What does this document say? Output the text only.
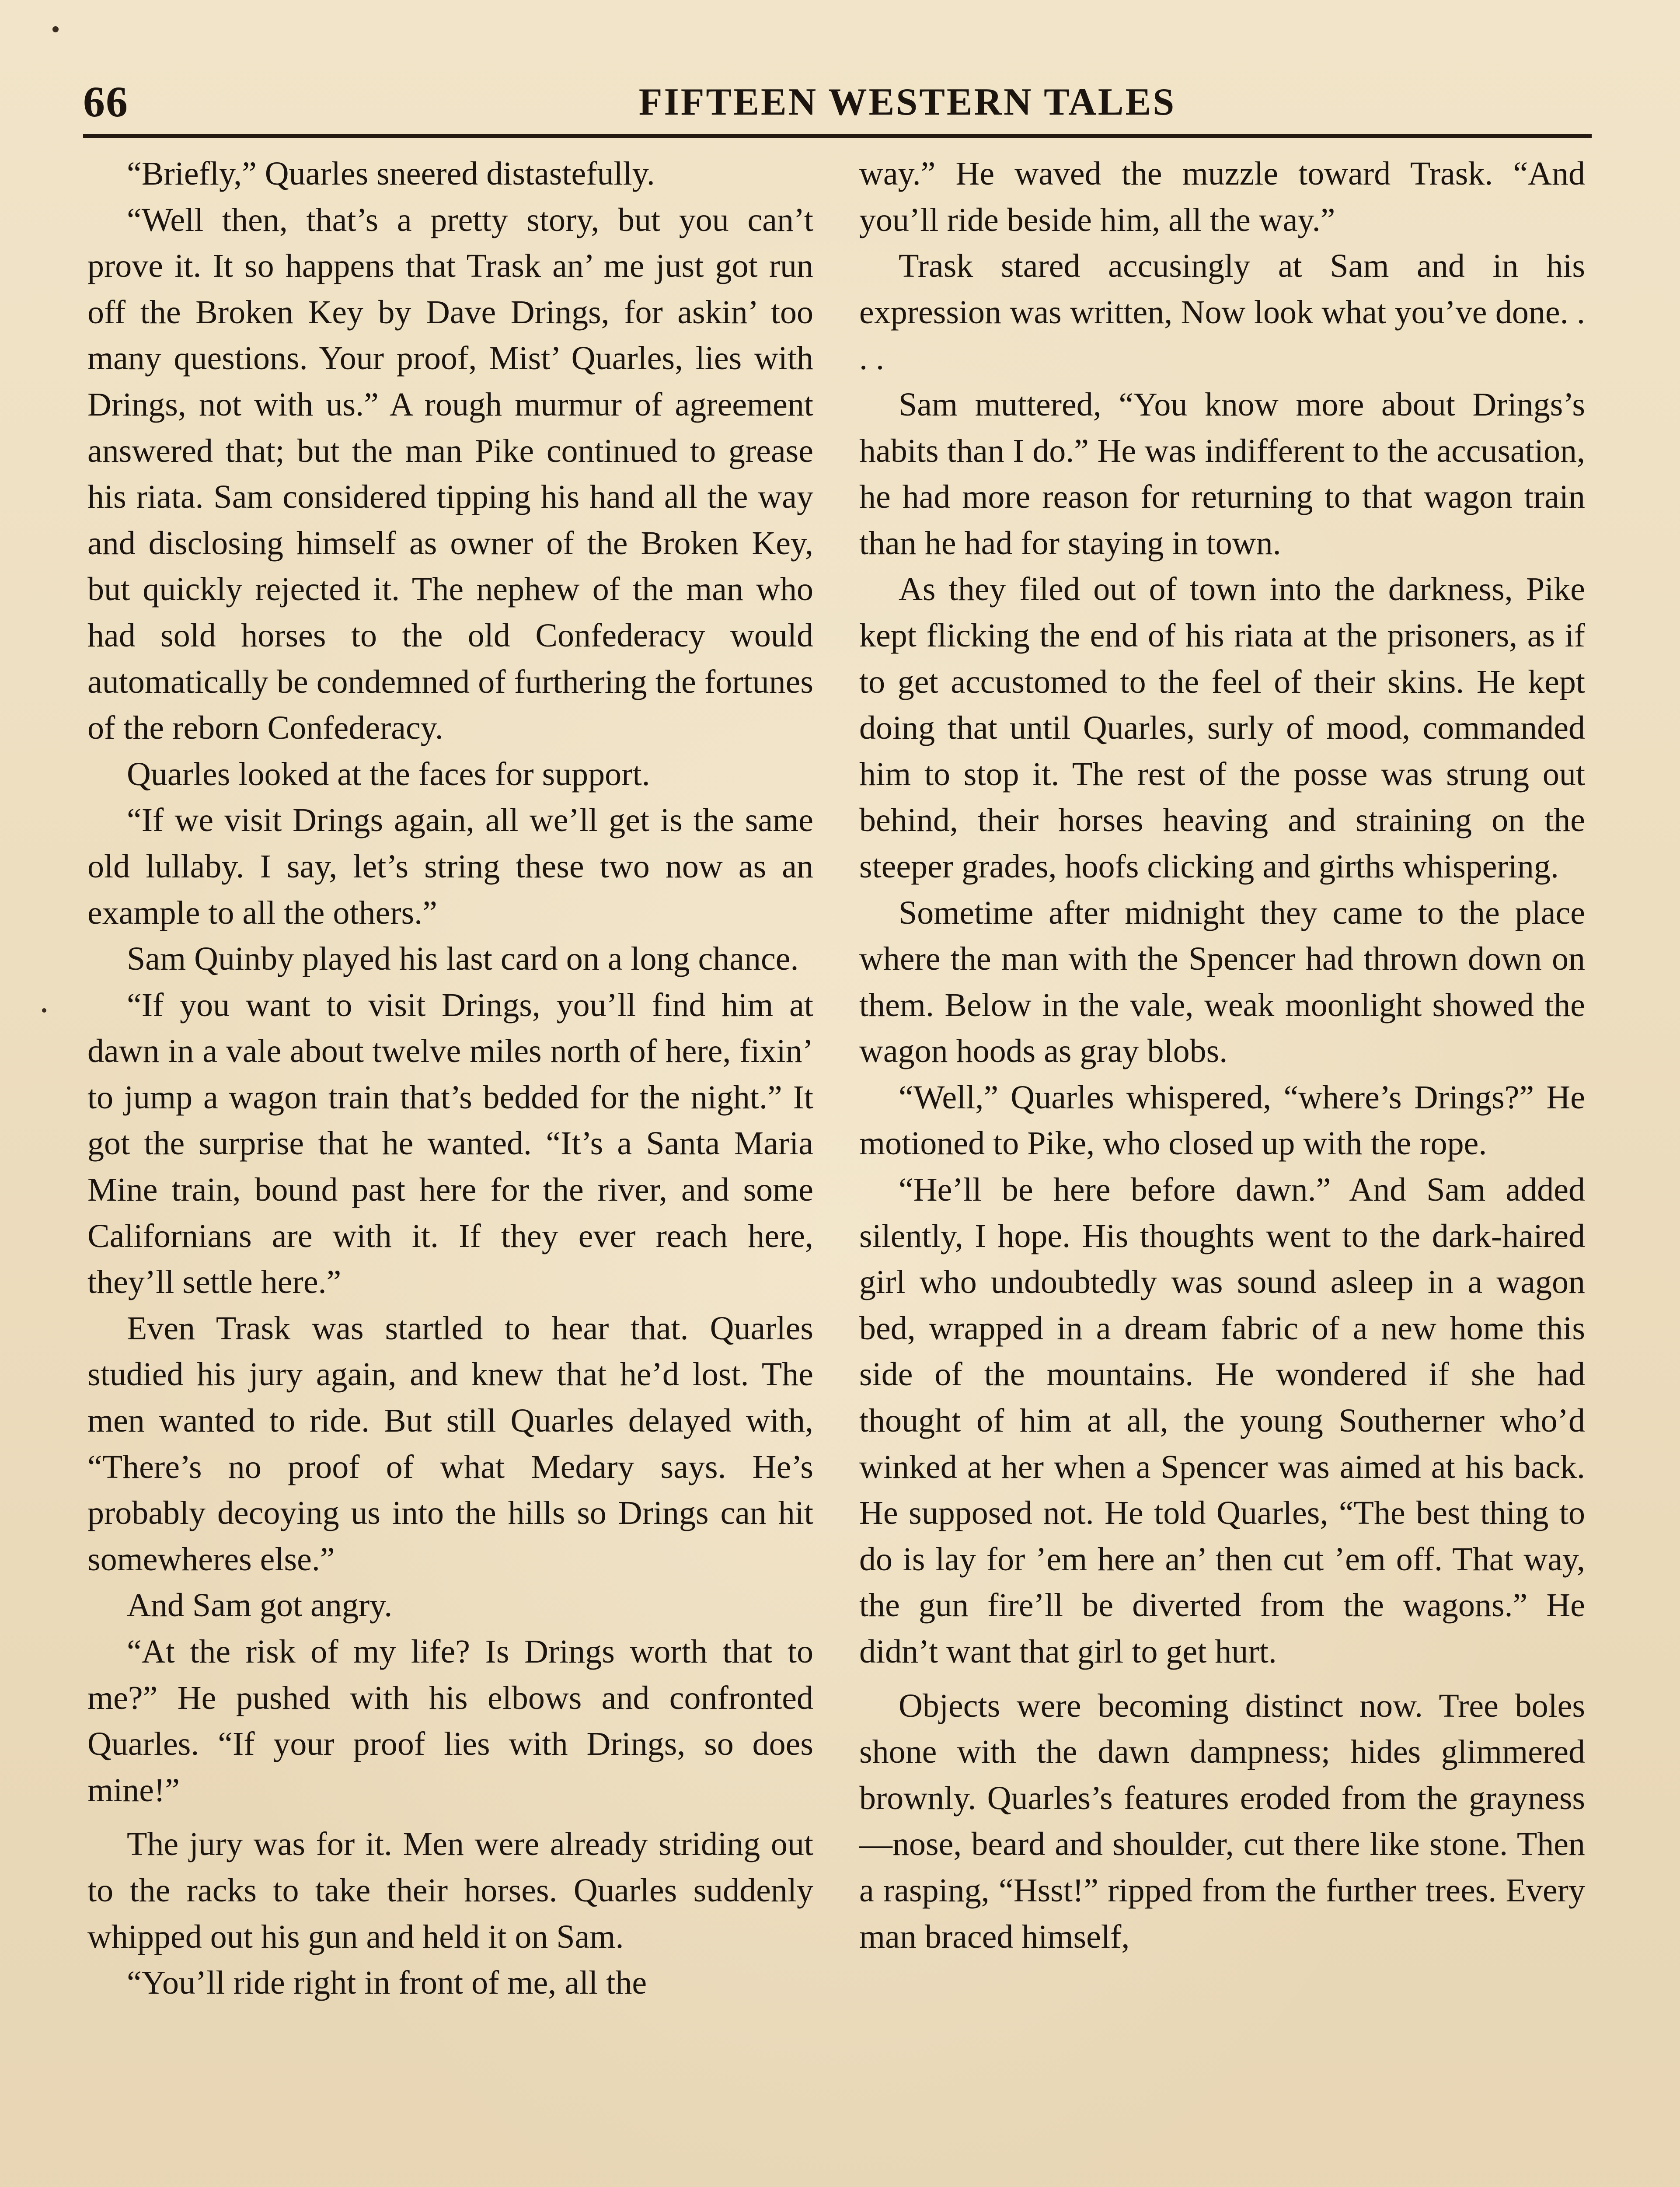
66	FIFTEEN WESTERN TALES

“Briefly,” Quarles sneered distastefully.

“Well then, that’s a pretty story, but you can’t prove it. It so happens that Trask an’ me just got run off the Broken Key by Dave Drings, for askin’ too many questions. Your proof, Mist’ Quarles, lies with Drings, not with us.” A rough murmur of agreement answered that; but the man Pike continued to grease his riata. Sam considered tipping his hand all the way and disclosing himself as owner of the Broken Key, but quickly rejected it. The nephew of the man who had sold horses to the old Confederacy would automatically be condemned of furthering the fortunes of the reborn Confederacy.

Quarles looked at the faces for support.

“If we visit Drings again, all we’ll get is the same old lullaby. I say, let’s string these two now as an example to all the others.”

Sam Quinby played his last card on a long chance.

“If you want to visit Drings, you’ll find him at dawn in a vale about twelve miles north of here, fixin’ to jump a wagon train that’s bedded for the night.” It got the surprise that he wanted. “It’s a Santa Maria Mine train, bound past here for the river, and some Californians are with it. If they ever reach here, they’ll settle here.”

Even Trask was startled to hear that. Quarles studied his jury again, and knew that he’d lost. The men wanted to ride. But still Quarles delayed with, “There’s no proof of what Medary says. He’s probably decoying us into the hills so Drings can hit somewheres else.”

And Sam got angry.

“At the risk of my life? Is Drings worth that to me?” He pushed with his elbows and confronted Quarles. “If your proof lies with Drings, so does mine!”

The jury was for it. Men were already striding out to the racks to take their horses. Quarles suddenly whipped out his gun and held it on Sam.

“You’ll ride right in front of me, all the

way.” He waved the muzzle toward Trask. “And you’ll ride beside him, all the way.”

Trask stared accusingly at Sam and in his expression was written, Now look what you’ve done. . . .

Sam muttered, “You know more about Drings’s habits than I do.” He was indifferent to the accusation, he had more reason for returning to that wagon train than he had for staying in town.

As they filed out of town into the darkness, Pike kept flicking the end of his riata at the prisoners, as if to get accustomed to the feel of their skins. He kept doing that until Quarles, surly of mood, commanded him to stop it. The rest of the posse was strung out behind, their horses heaving and straining on the steeper grades, hoofs clicking and girths whispering.

Sometime after midnight they came to the place where the man with the Spencer had thrown down on them. Below in the vale, weak moonlight showed the wagon hoods as gray blobs.

“Well,” Quarles whispered, “where’s Drings?” He motioned to Pike, who closed up with the rope.

“He’ll be here before dawn.” And Sam added silently, I hope. His thoughts went to the dark-haired girl who undoubtedly was sound asleep in a wagon bed, wrapped in a dream fabric of a new home this side of the mountains. He wondered if she had thought of him at all, the young Southerner who’d winked at her when a Spencer was aimed at his back. He supposed not. He told Quarles, “The best thing to do is lay for ’em here an’ then cut ’em off. That way, the gun fire’ll be diverted from the wagons.” He didn’t want that girl to get hurt.

Objects were becoming distinct now. Tree boles shone with the dawn dampness; hides glimmered brownly. Quarles’s features eroded from the grayness—nose, beard and shoulder, cut there like stone. Then a rasping, “Hsst!” ripped from the further trees. Every man braced himself,
